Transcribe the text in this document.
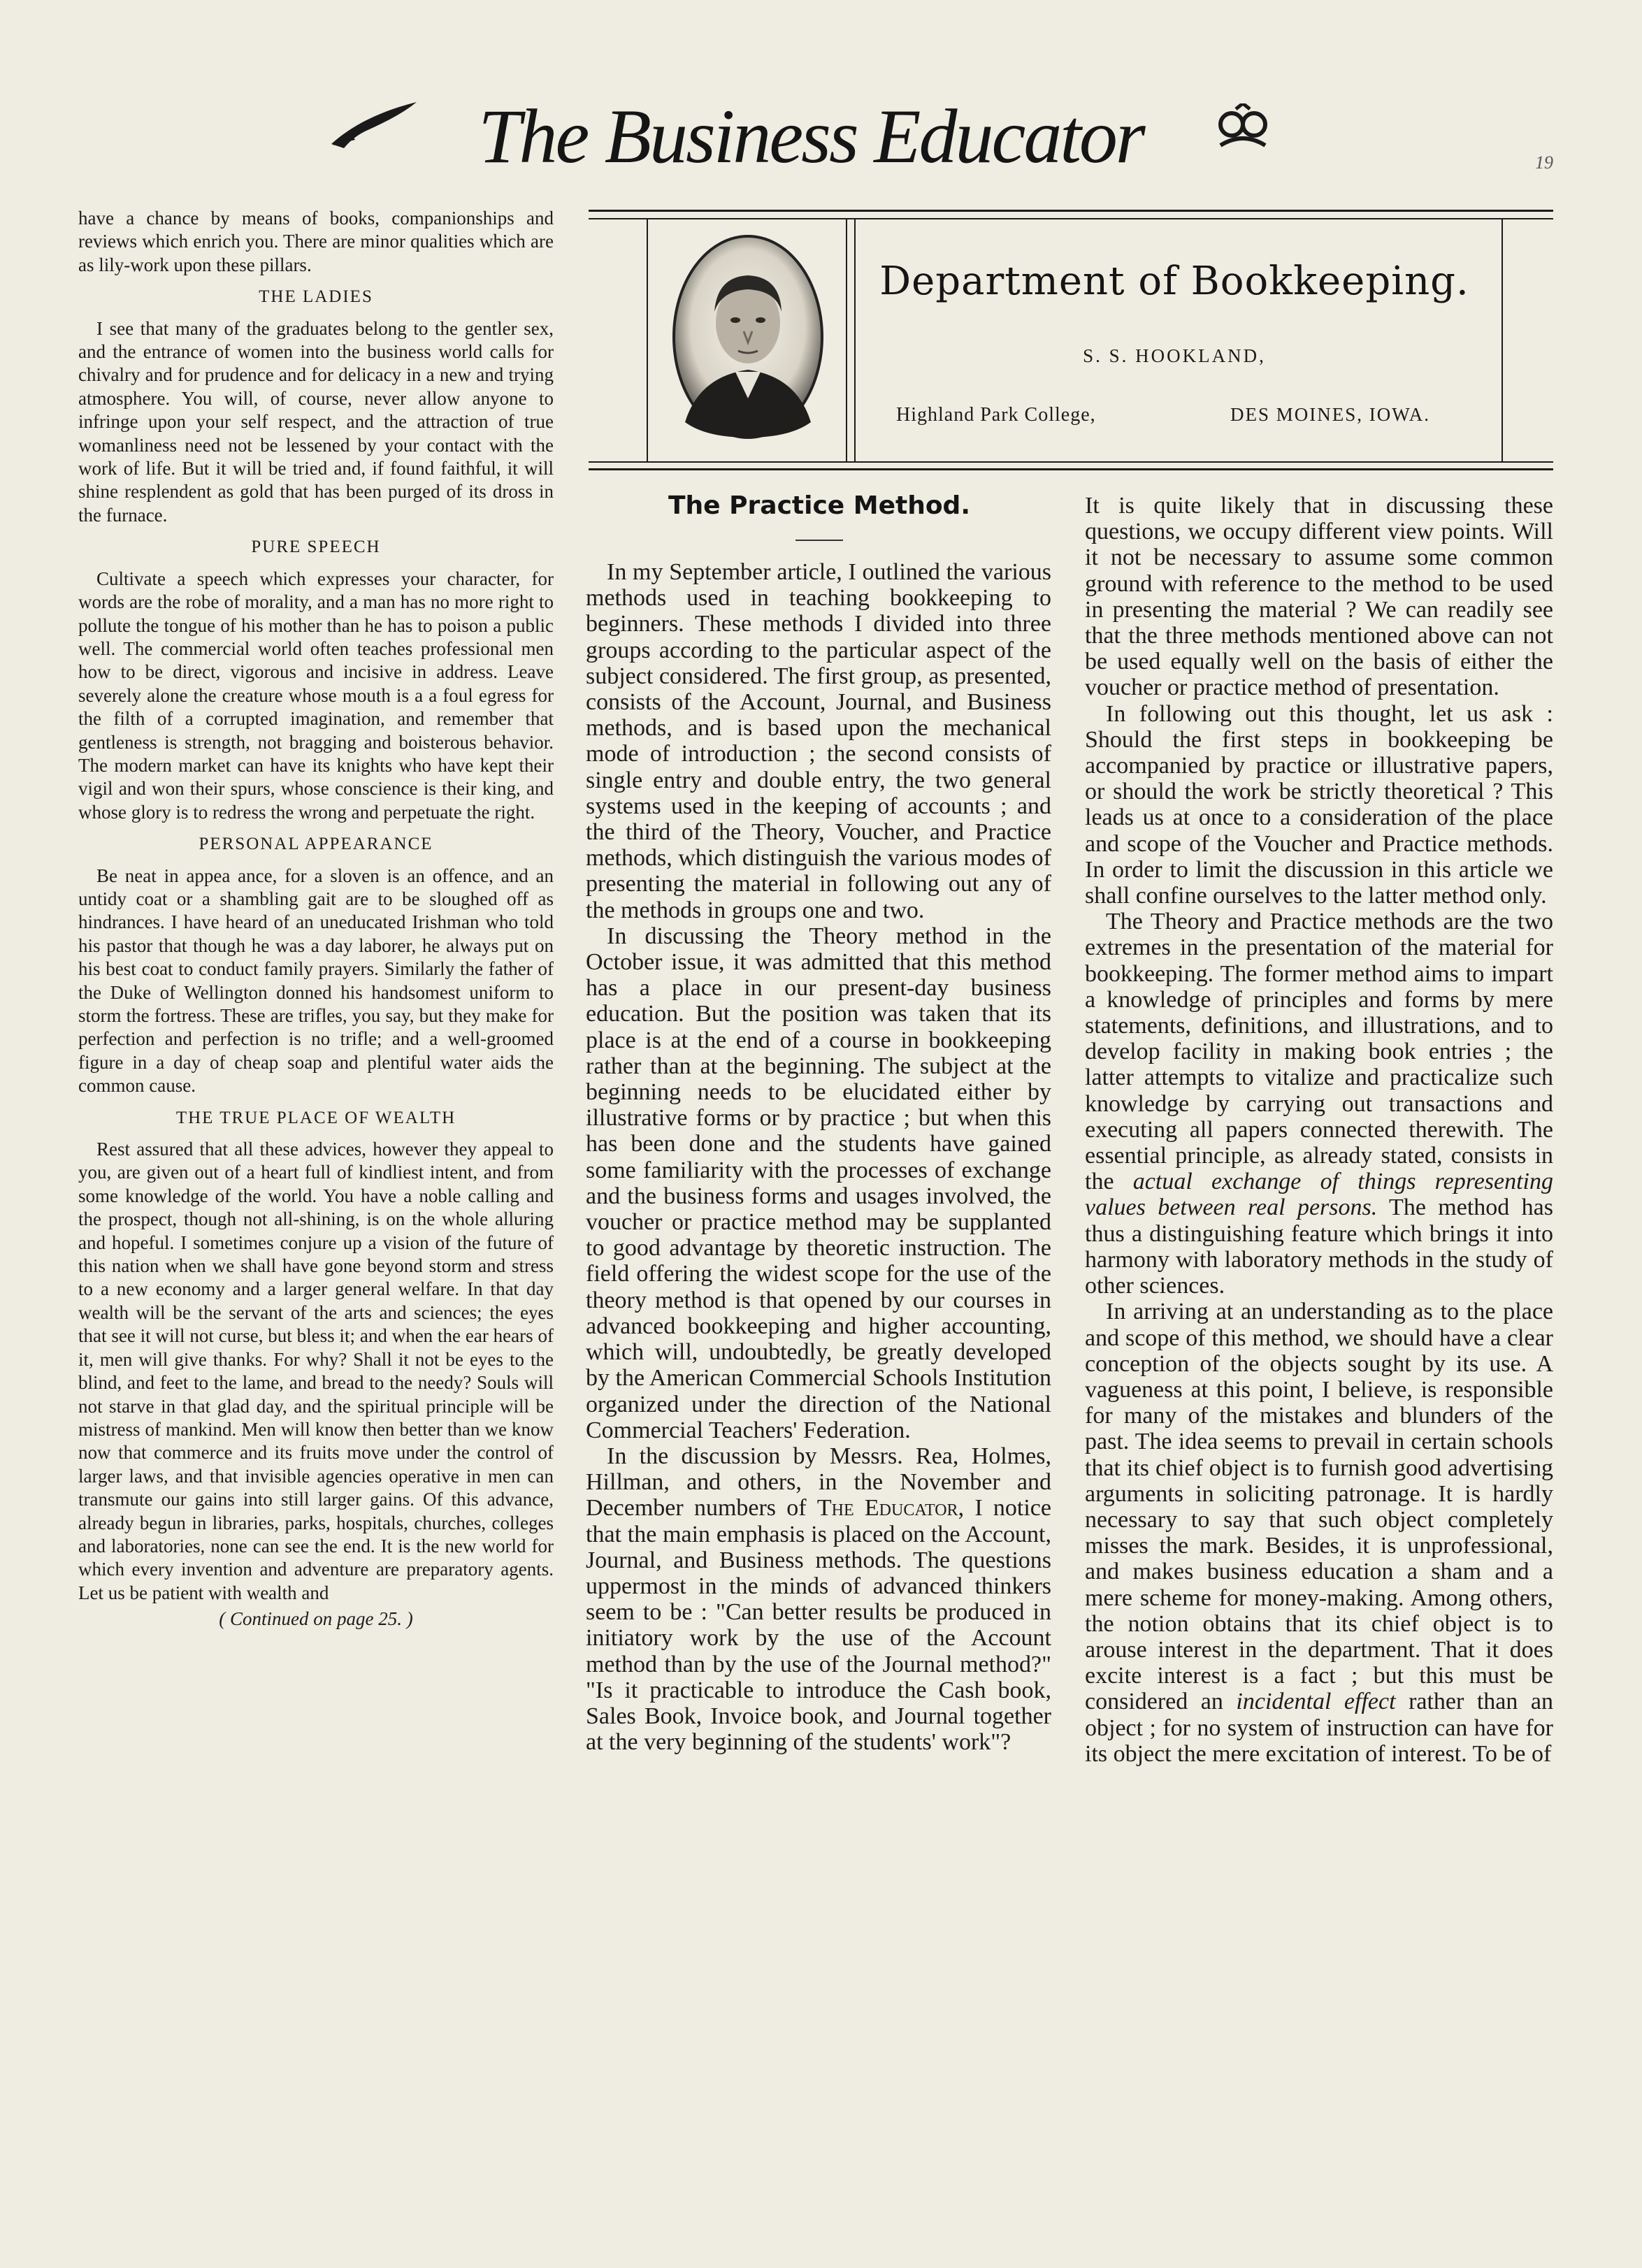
The Business Educator	19

have a chance by means of books, companionships and reviews which enrich you. There are minor qualities which are as lily-work upon these pillars.

THE LADIES

I see that many of the graduates belong to the gentler sex, and the entrance of women into the business world calls for chivalry and for prudence and for delicacy in a new and trying atmosphere. You will, of course, never allow anyone to infringe upon your self respect, and the attraction of true womanliness need not be lessened by your contact with the work of life. But it will be tried and, if found faithful, it will shine resplendent as gold that has been purged of its dross in the furnace.

PURE SPEECH

Cultivate a speech which expresses your character, for words are the robe of morality, and a man has no more right to pollute the tongue of his mother than he has to poison a public well. The commercial world often teaches professional men how to be direct, vigorous and incisive in address. Leave severely alone the creature whose mouth is a a foul egress for the filth of a corrupted imagination, and remember that gentleness is strength, not bragging and boisterous behavior. The modern market can have its knights who have kept their vigil and won their spurs, whose conscience is their king, and whose glory is to redress the wrong and perpetuate the right.

PERSONAL APPEARANCE

Be neat in appea ance, for a sloven is an offence, and an untidy coat or a shambling gait are to be sloughed off as hindrances. I have heard of an uneducated Irishman who told his pastor that though he was a day laborer, he always put on his best coat to conduct family prayers. Similarly the father of the Duke of Wellington donned his handsomest uniform to storm the fortress. These are trifles, you say, but they make for perfection and perfection is no trifle; and a well-groomed figure in a day of cheap soap and plentiful water aids the common cause.

THE TRUE PLACE OF WEALTH

Rest assured that all these advices, however they appeal to you, are given out of a heart full of kindliest intent, and from some knowledge of the world. You have a noble calling and the prospect, though not all-shining, is on the whole alluring and hopeful. I sometimes conjure up a vision of the future of this nation when we shall have gone beyond storm and stress to a new economy and a larger general welfare. In that day wealth will be the servant of the arts and sciences; the eyes that see it will not curse, but bless it; and when the ear hears of it, men will give thanks. For why? Shall it not be eyes to the blind, and feet to the lame, and bread to the needy? Souls will not starve in that glad day, and the spiritual principle will be mistress of mankind. Men will know then better than we know now that commerce and its fruits move under the control of larger laws, and that invisible agencies operative in men can transmute our gains into still larger gains. Of this advance, already begun in libraries, parks, hospitals, churches, colleges and laboratories, none can see the end. It is the new world for which every invention and adventure are preparatory agents. Let us be patient with wealth and

( Continued on page 25. )

Department of Bookkeeping.
S. S. HOOKLAND,
Highland Park College,	DES MOINES, IOWA.
The Practice Method.

In my September article, I outlined the various methods used in teaching bookkeeping to beginners. These methods I divided into three groups according to the particular aspect of the subject considered. The first group, as presented, consists of the Account, Journal, and Business methods, and is based upon the mechanical mode of introduction ; the second consists of single entry and double entry, the two general systems used in the keeping of accounts ; and the third of the Theory, Voucher, and Practice methods, which distinguish the various modes of presenting the material in following out any of the methods in groups one and two.

In discussing the Theory method in the October issue, it was admitted that this method has a place in our present-day business education. But the position was taken that its place is at the end of a course in bookkeeping rather than at the beginning. The subject at the beginning needs to be elucidated either by illustrative forms or by practice ; but when this has been done and the students have gained some familiarity with the processes of exchange and the business forms and usages involved, the voucher or practice method may be supplanted to good advantage by theoretic instruction. The field offering the widest scope for the use of the theory method is that opened by our courses in advanced bookkeeping and higher accounting, which will, undoubtedly, be greatly developed by the American Commercial Schools Institution organized under the direction of the National Commercial Teachers' Federation.

In the discussion by Messrs. Rea, Holmes, Hillman, and others, in the November and December numbers of The Educator, I notice that the main emphasis is placed on the Account, Journal, and Business methods. The questions uppermost in the minds of advanced thinkers seem to be : "Can better results be produced in initiatory work by the use of the Account method than by the use of the Journal method?" "Is it practicable to introduce the Cash book, Sales Book, Invoice book, and Journal together at the very beginning of the students' work"?

It is quite likely that in discussing these questions, we occupy different view points. Will it not be necessary to assume some common ground with reference to the method to be used in presenting the material ? We can readily see that the three methods mentioned above can not be used equally well on the basis of either the voucher or practice method of presentation.

In following out this thought, let us ask : Should the first steps in bookkeeping be accompanied by practice or illustrative papers, or should the work be strictly theoretical ? This leads us at once to a consideration of the place and scope of the Voucher and Practice methods. In order to limit the discussion in this article we shall confine ourselves to the latter method only.

The Theory and Practice methods are the two extremes in the presentation of the material for bookkeeping. The former method aims to impart a knowledge of principles and forms by mere statements, definitions, and illustrations, and to develop facility in making book entries ; the latter attempts to vitalize and practicalize such knowledge by carrying out transactions and executing all papers connected therewith. The essential principle, as already stated, consists in the actual exchange of things representing values between real persons. The method has thus a distinguishing feature which brings it into harmony with laboratory methods in the study of other sciences.

In arriving at an understanding as to the place and scope of this method, we should have a clear conception of the objects sought by its use. A vagueness at this point, I believe, is responsible for many of the mistakes and blunders of the past. The idea seems to prevail in certain schools that its chief object is to furnish good advertising arguments in soliciting patronage. It is hardly necessary to say that such object completely misses the mark. Besides, it is unprofessional, and makes business education a sham and a mere scheme for money-making. Among others, the notion obtains that its chief object is to arouse interest in the department. That it does excite interest is a fact ; but this must be considered an incidental effect rather than an object ; for no system of instruction can have for its object the mere excitation of interest. To be of
